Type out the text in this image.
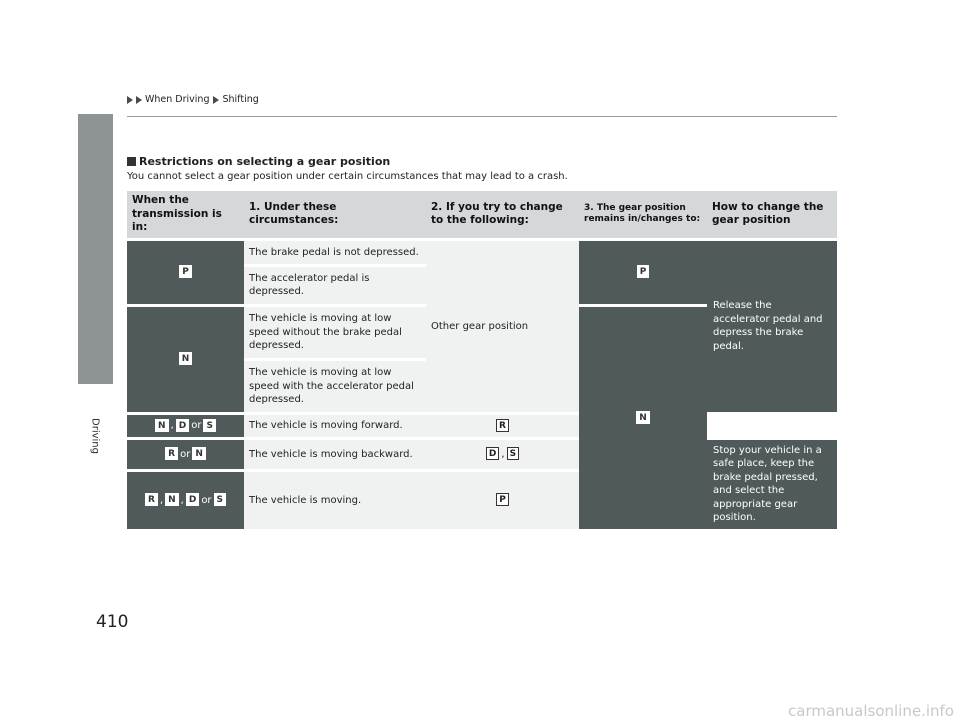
Driving
When Driving Shifting
Restrictions on selecting a gear position
You cannot select a gear position under certain circumstances that may lead to a crash.
When the transmission is in:	1. Under these circumstances:	2. If you try to change to the following:	3. The gear position remains in/changes to:	How to change the gear position
P	The brake pedal is not depressed.	Other gear position	P	Release the accelerator pedal and depress the brake pedal.
	The accelerator pedal is depressed.			
N	The vehicle is moving at low speed without the brake pedal depressed.		N	
	The vehicle is moving at low speed with the accelerator pedal depressed.			
N , D or S	The vehicle is moving forward.	R		
R or N	The vehicle is moving backward.	D , S		Stop your vehicle in a safe place, keep the brake pedal pressed, and select the appropriate gear position.
R , N , D or S	The vehicle is moving.	P		
410
carmanualsonline.info
